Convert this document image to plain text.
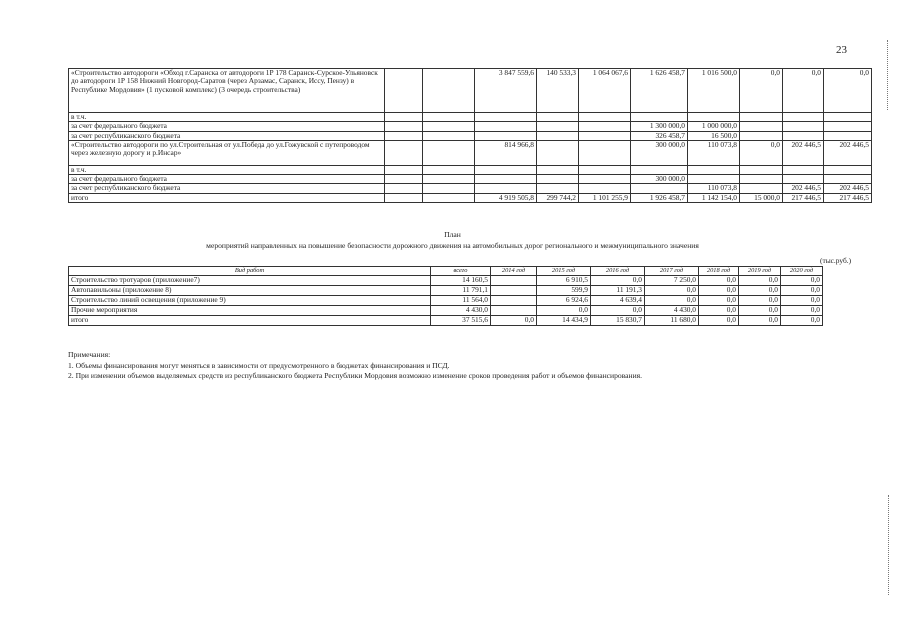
23
«Строительство автодороги «Обход г.Саранска от автодороги 1Р 178 Саранск-Сурское-Ульяновск до автодороги 1Р 158 Нижний Новгород-Саратов (через Арзамас, Саранск, Исcу, Пензу) в Республике Мордовия» (1 пусковой комплекс) (3 очередь строительства)			3 847 559,6	140 533,3	1 064 067,6	1 626 458,7	1 016 500,0	0,0	0,0	0,0
в т.ч.										
за счет федерального бюджета						1 300 000,0	1 000 000,0			
за счет республиканского бюджета						326 458,7	16 500,0			
«Строительство автодороги по ул.Строительная от ул.Победа до ул.Гожувской с путепроводом через железную дорогу и р.Инсар»			814 966,8			300 000,0	110 073,8	0,0	202 446,5	202 446,5
в т.ч.										
за счет федерального бюджета						300 000,0				
за счет республиканского бюджета							110 073,8		202 446,5	202 446,5
итого			4 919 505,8	299 744,2	1 101 255,9	1 926 458,7	1 142 154,0	15 000,0	217 446,5	217 446,5
План
мероприятий направленных на повышение безопасности дорожного движения на автомобильных дорог регионального и межмуниципального значения
(тыс.руб.)
Вид работ	всего	2014 год	2015 год	2016 год	2017 год	2018 год	2019 год	2020 год
Строительство тротуаров (приложение7)	14 160,5		6 910,5	0,0	7 250,0	0,0	0,0	0,0
Автопавильоны (приложение 8)	11 791,1		599,9	11 191,3	0,0	0,0	0,0	0,0
Строительство линий освещения (приложение 9)	11 564,0		6 924,6	4 639,4	0,0	0,0	0,0	0,0
Прочие мероприятия	4 430,0		0,0	0,0	4 430,0	0,0	0,0	0,0
итого	37 515,6	0,0	14 434,9	15 830,7	11 680,0	0,0	0,0	0,0
Примечания:
1. Объемы финансирования могут меняться в зависимости от предусмотренного в бюджетах финансирования и ПСД.
2. При изменении объемов выделяемых средств из республиканского бюджета Республики Мордовия возможно изменение сроков проведения работ и объемов финансирования.
